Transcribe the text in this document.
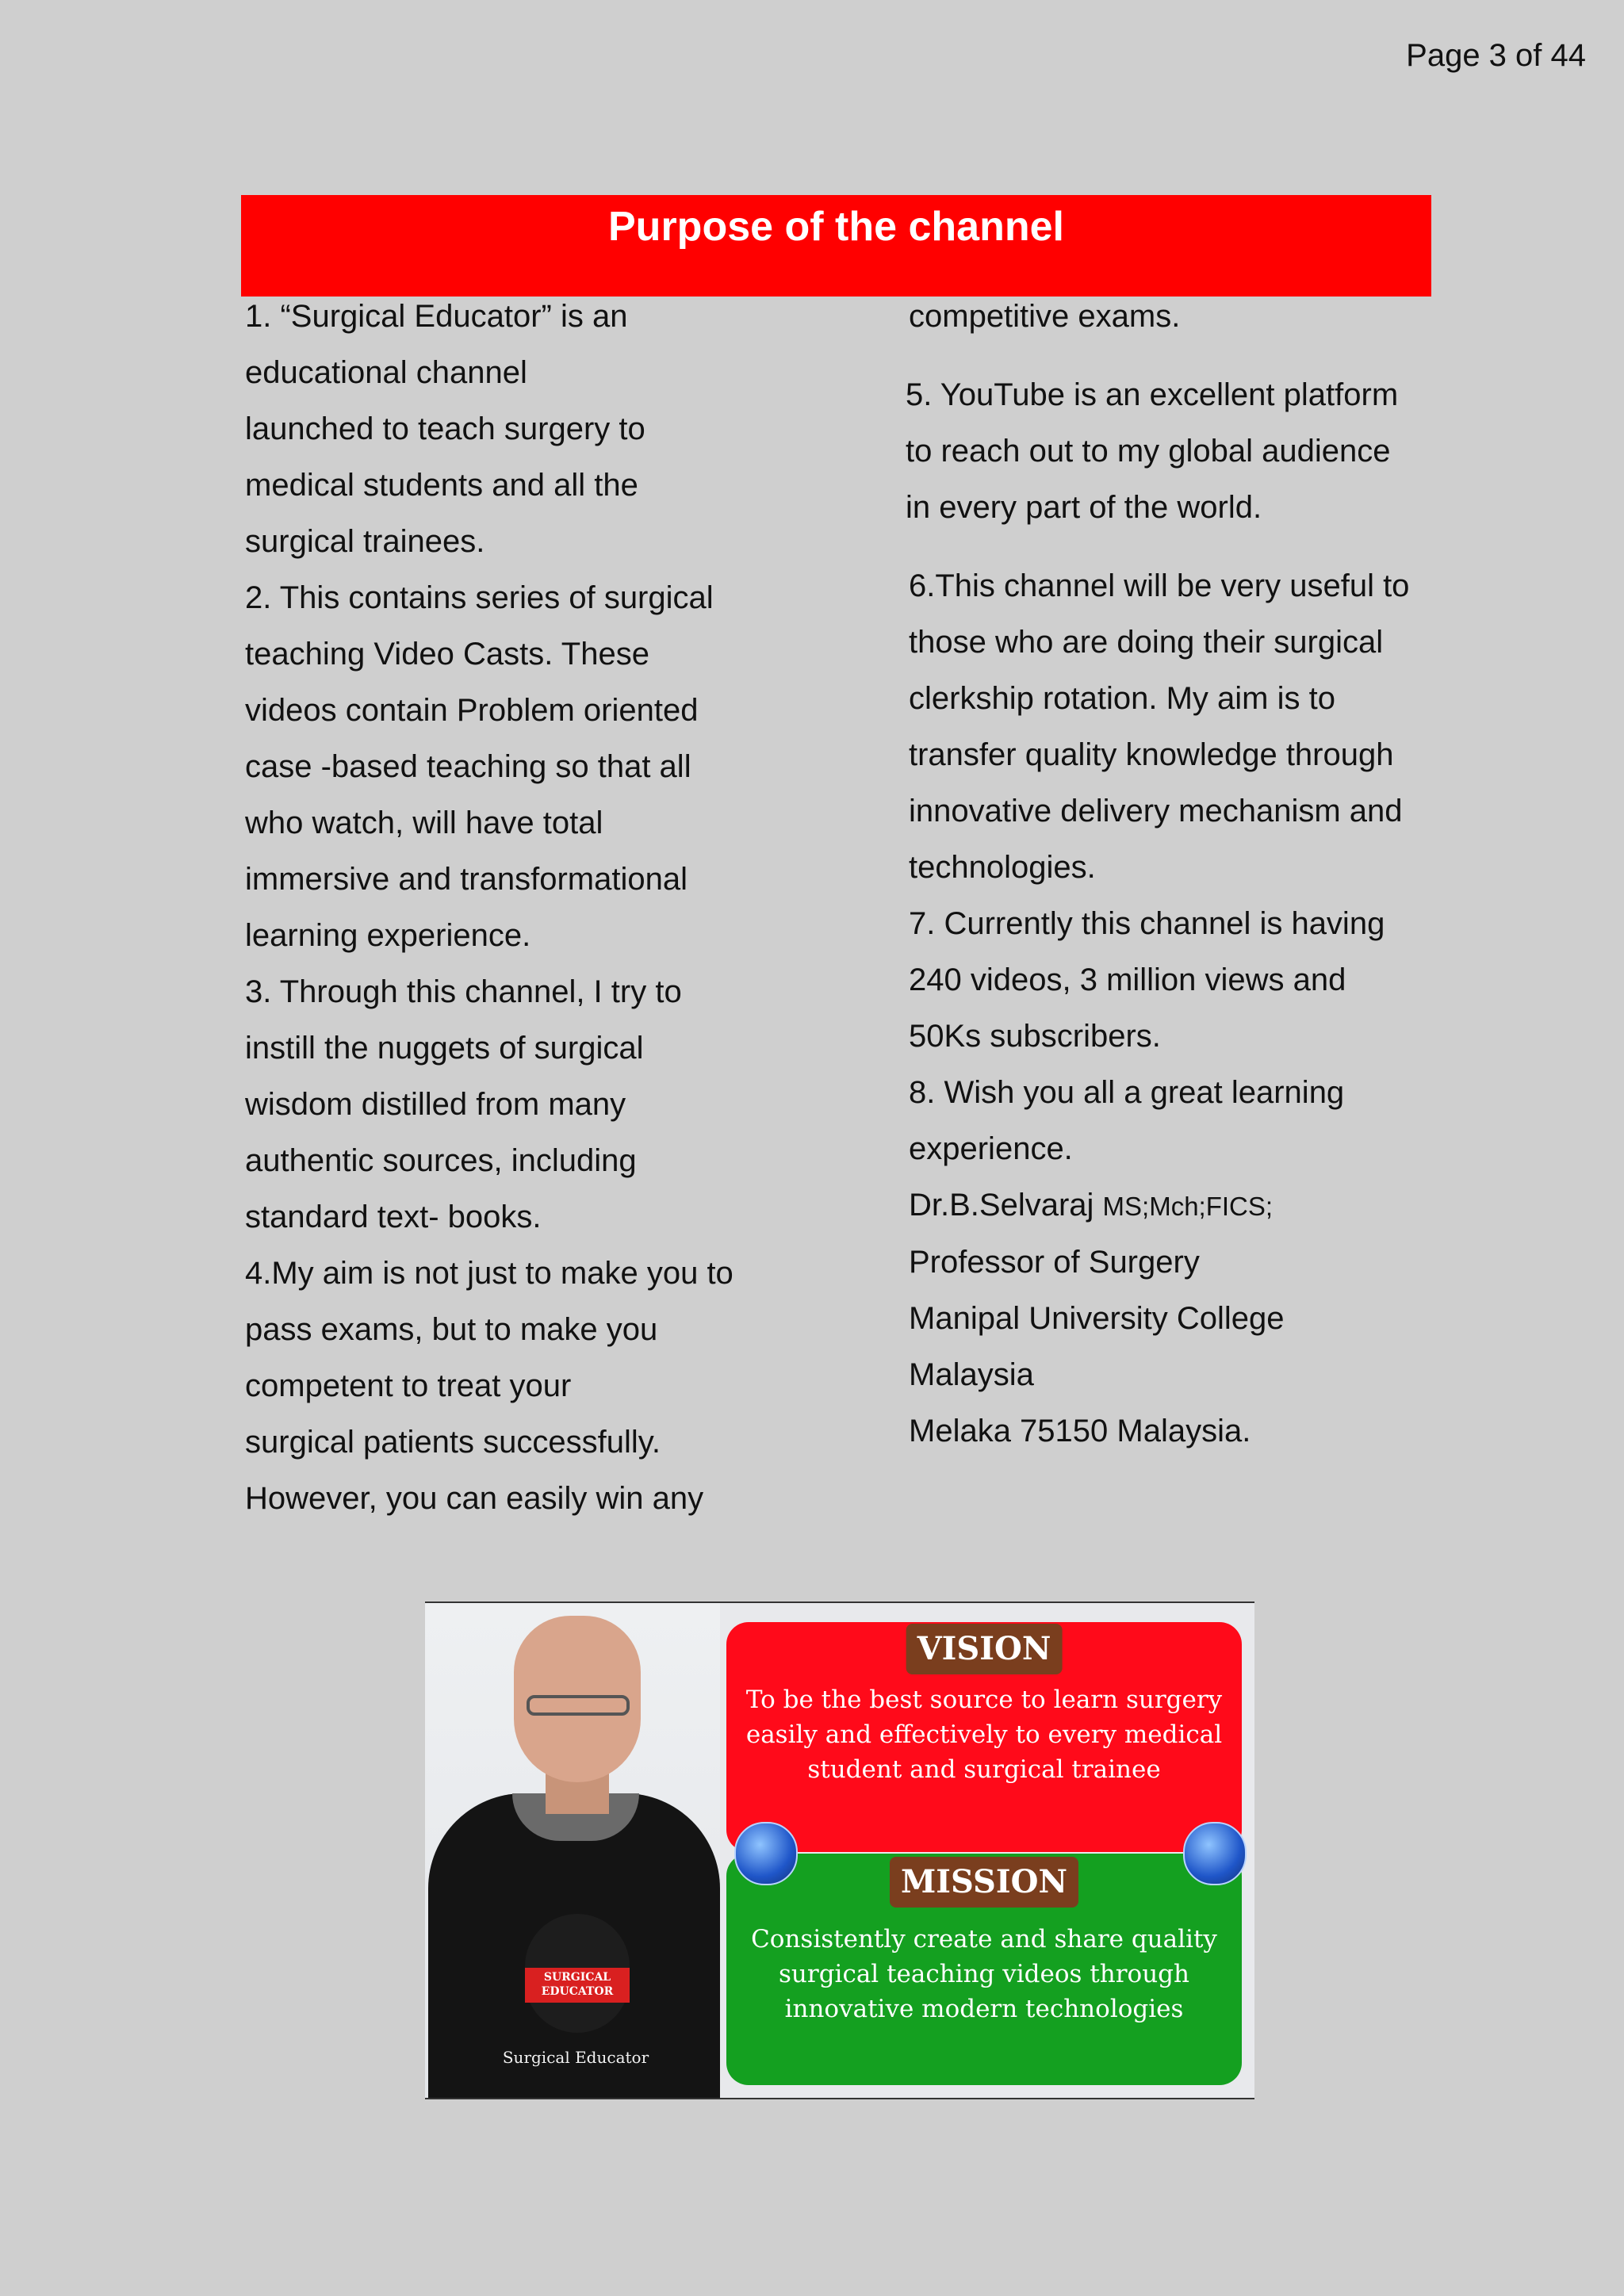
Page 3 of 44
Purpose of the channel

1. “Surgical Educator” is an

educational channel

launched to teach surgery to

medical students and all the

surgical trainees.

2. This contains series of surgical

teaching Video Casts. These

videos contain Problem oriented

case -based teaching so that all

who watch, will have total

immersive and transformational

learning experience.

3. Through this channel, I try to

instill the nuggets of surgical

wisdom distilled from many

authentic sources, including

standard text- books.

4.My aim is not just to make you to

pass exams, but to make you

competent to treat your

surgical patients successfully.

However, you can easily win any

competitive exams.

5. YouTube is an excellent platform

to reach out to my global audience

in every part of the world.

6.This channel will be very useful to

those who are doing their surgical

clerkship rotation. My aim is to

transfer quality knowledge through

innovative delivery mechanism and

technologies.

7. Currently this channel is having

240 videos, 3 million views and

50Ks subscribers.

8. Wish you all a great learning

experience.

Dr.B.Selvaraj MS;Mch;FICS;

Professor of Surgery

Manipal University College

Malaysia

Melaka 75150 Malaysia.

SURGICAL EDUCATOR
Surgical Educator
VISION
To be the best source to learn surgery easily and effectively to every medical student and surgical trainee
MISSION
Consistently create and share quality surgical teaching videos through innovative modern technologies
